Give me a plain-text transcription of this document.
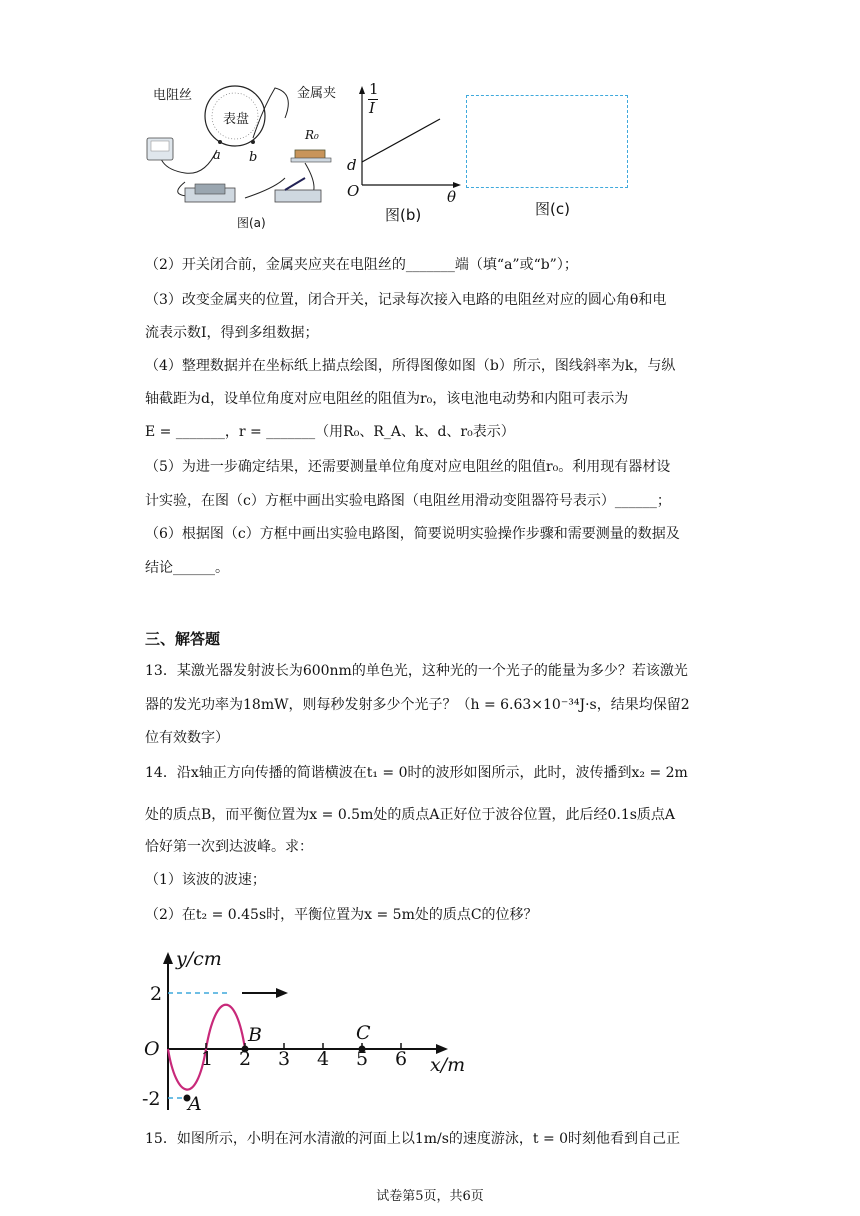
电阻丝
表盘
金属夹
R₀
a b
图(a)
1
I
d
O	θ
图(b)	图(c)
（2）开关闭合前，金属夹应夹在电阻丝的_______端（填“a”或“b”）；
（3）改变金属夹的位置，闭合开关，记录每次接入电路的电阻丝对应的圆心角θ和电
流表示数I，得到多组数据；
（4）整理数据并在坐标纸上描点绘图，所得图像如图（b）所示，图线斜率为k，与纵
轴截距为d，设单位角度对应电阻丝的阻值为r₀，该电池电动势和内阻可表示为
E = _______，r = _______（用R₀、R_A、k、d、r₀表示）
（5）为进一步确定结果，还需要测量单位角度对应电阻丝的阻值r₀。利用现有器材设
计实验，在图（c）方框中画出实验电路图（电阻丝用滑动变阻器符号表示）______；
（6）根据图（c）方框中画出实验电路图，简要说明实验操作步骤和需要测量的数据及
结论______。
三、解答题
13．某激光器发射波长为600nm的单色光，这种光的一个光子的能量为多少？若该激光
器的发光功率为18mW，则每秒发射多少个光子？（h = 6.63×10⁻³⁴J·s，结果均保留2
位有效数字）
14．沿x轴正方向传播的简谐横波在t₁ = 0时的波形如图所示，此时，波传播到x₂ = 2m
处的质点B，而平衡位置为x = 0.5m处的质点A正好位于波谷位置，此后经0.1s质点A
恰好第一次到达波峰。求：
（1）该波的波速；
（2）在t₂ = 0.45s时，平衡位置为x = 5m处的质点C的位移？
y/cm
x/m
O
2
-2
1 2 3 4 5 6
A
B	C
15．如图所示，小明在河水清澈的河面上以1m/s的速度游泳，t = 0时刻他看到自己正
试卷第5页，共6页
